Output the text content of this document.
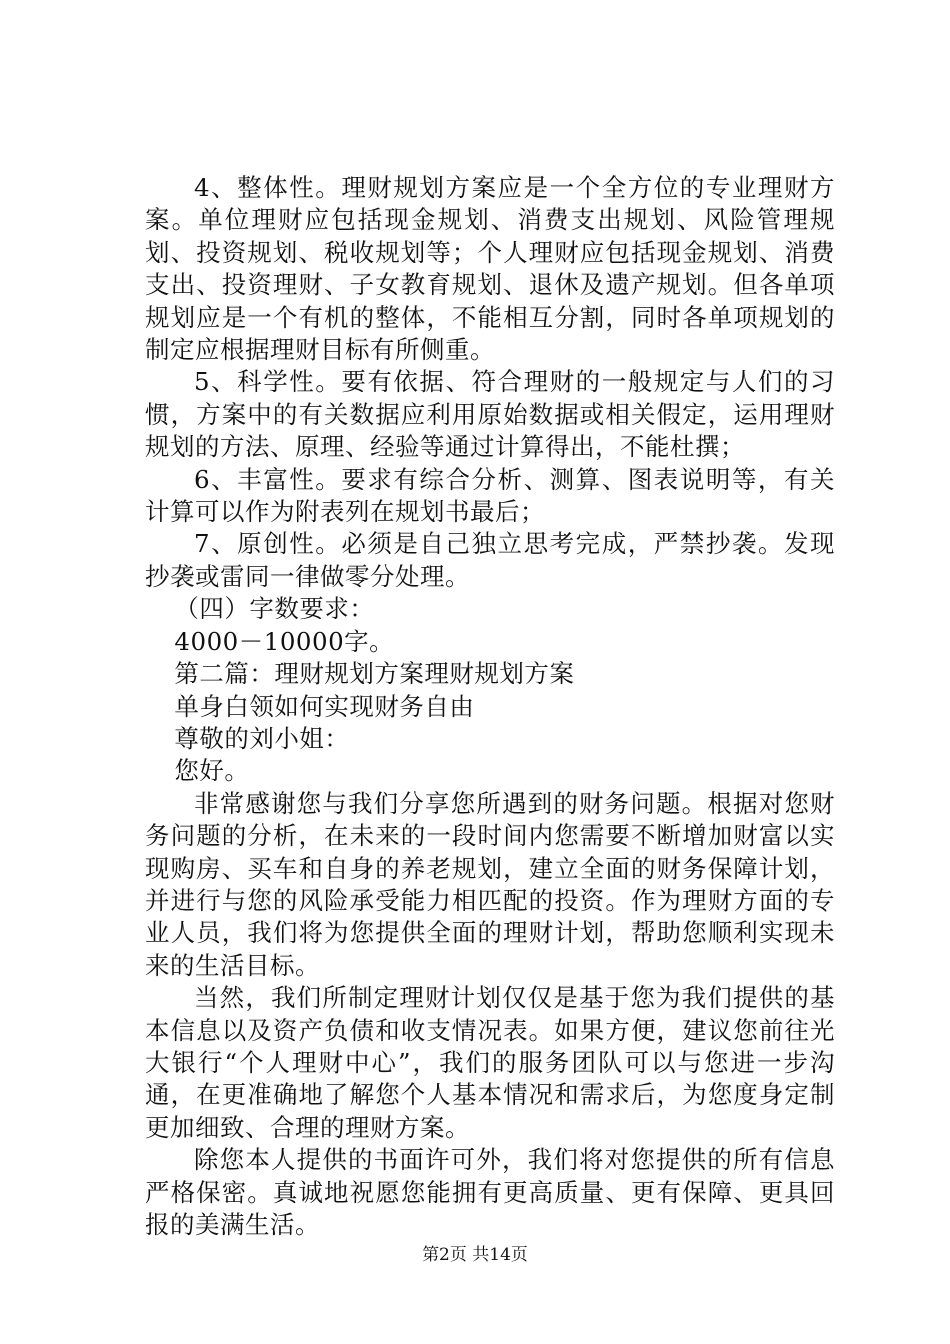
4、整体性。理财规划方案应是一个全方位的专业理财方案。单位理财应包括现金规划、消费支出规划、风险管理规划、投资规划、税收规划等；个人理财应包括现金规划、消费支出、投资理财、子女教育规划、退休及遗产规划。但各单项规划应是一个有机的整体，不能相互分割，同时各单项规划的制定应根据理财目标有所侧重。

5、科学性。要有依据、符合理财的一般规定与人们的习惯，方案中的有关数据应利用原始数据或相关假定，运用理财规划的方法、原理、经验等通过计算得出，不能杜撰；

6、丰富性。要求有综合分析、测算、图表说明等，有关计算可以作为附表列在规划书最后；

7、原创性。必须是自己独立思考完成，严禁抄袭。发现抄袭或雷同一律做零分处理。

（四）字数要求：

4000－10000字。

第二篇：理财规划方案理财规划方案

单身白领如何实现财务自由

尊敬的刘小姐：

您好。

非常感谢您与我们分享您所遇到的财务问题。根据对您财务问题的分析，在未来的一段时间内您需要不断增加财富以实现购房、买车和自身的养老规划，建立全面的财务保障计划，并进行与您的风险承受能力相匹配的投资。作为理财方面的专业人员，我们将为您提供全面的理财计划，帮助您顺利实现未来的生活目标。

当然，我们所制定理财计划仅仅是基于您为我们提供的基本信息以及资产负债和收支情况表。如果方便，建议您前往光大银行“个人理财中心”，我们的服务团队可以与您进一步沟通，在更准确地了解您个人基本情况和需求后，为您度身定制更加细致、合理的理财方案。

除您本人提供的书面许可外，我们将对您提供的所有信息严格保密。真诚地祝愿您能拥有更高质量、更有保障、更具回报的美满生活。

第2页 共14页
